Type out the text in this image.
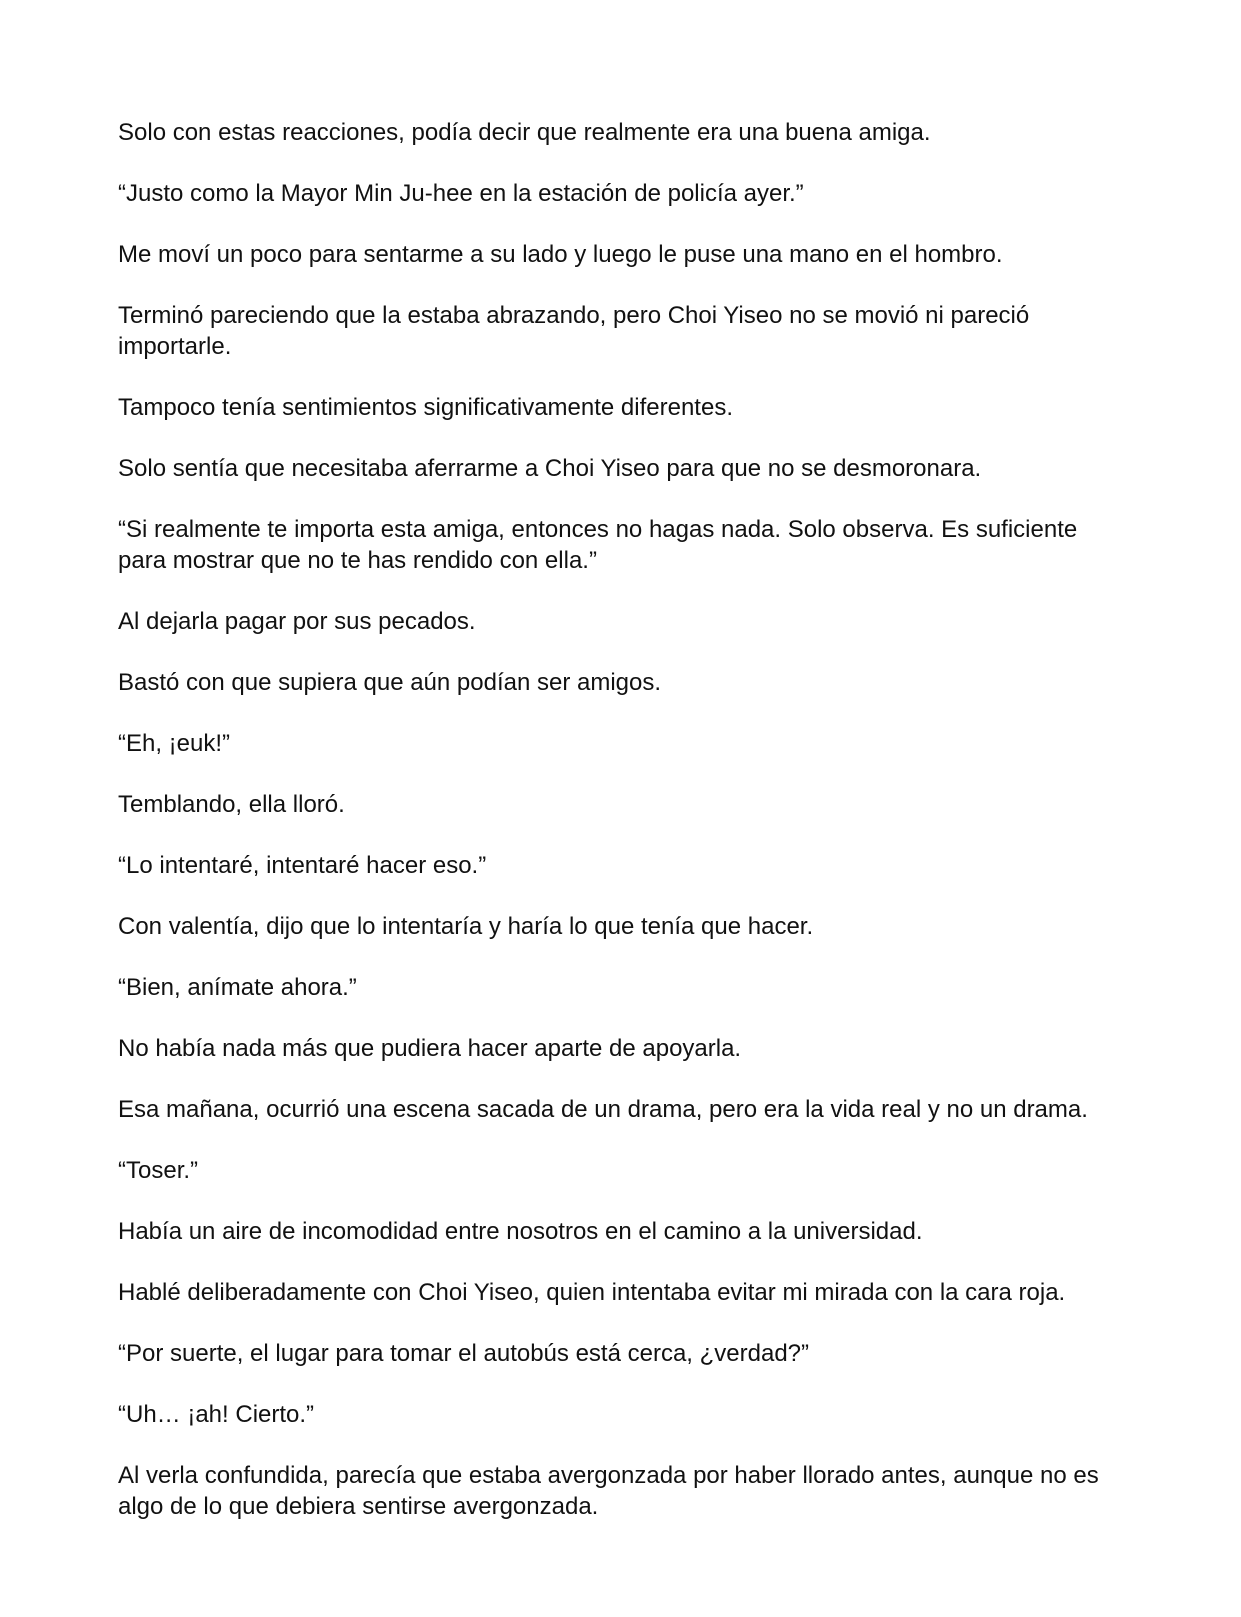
Solo con estas reacciones, podía decir que realmente era una buena amiga.

“Justo como la Mayor Min Ju-hee en la estación de policía ayer.”

Me moví un poco para sentarme a su lado y luego le puse una mano en el hombro.

Terminó pareciendo que la estaba abrazando, pero Choi Yiseo no se movió ni pareció importarle.

Tampoco tenía sentimientos significativamente diferentes.

Solo sentía que necesitaba aferrarme a Choi Yiseo para que no se desmoronara.

“Si realmente te importa esta amiga, entonces no hagas nada. Solo observa. Es suficiente para mostrar que no te has rendido con ella.”

Al dejarla pagar por sus pecados.

Bastó con que supiera que aún podían ser amigos.

“Eh, ¡euk!”

Temblando, ella lloró.

“Lo intentaré, intentaré hacer eso.”

Con valentía, dijo que lo intentaría y haría lo que tenía que hacer.

“Bien, anímate ahora.”

No había nada más que pudiera hacer aparte de apoyarla.

Esa mañana, ocurrió una escena sacada de un drama, pero era la vida real y no un drama.

“Toser.”

Había un aire de incomodidad entre nosotros en el camino a la universidad.

Hablé deliberadamente con Choi Yiseo, quien intentaba evitar mi mirada con la cara roja.

“Por suerte, el lugar para tomar el autobús está cerca, ¿verdad?”

“Uh… ¡ah! Cierto.”

Al verla confundida, parecía que estaba avergonzada por haber llorado antes, aunque no es algo de lo que debiera sentirse avergonzada.
